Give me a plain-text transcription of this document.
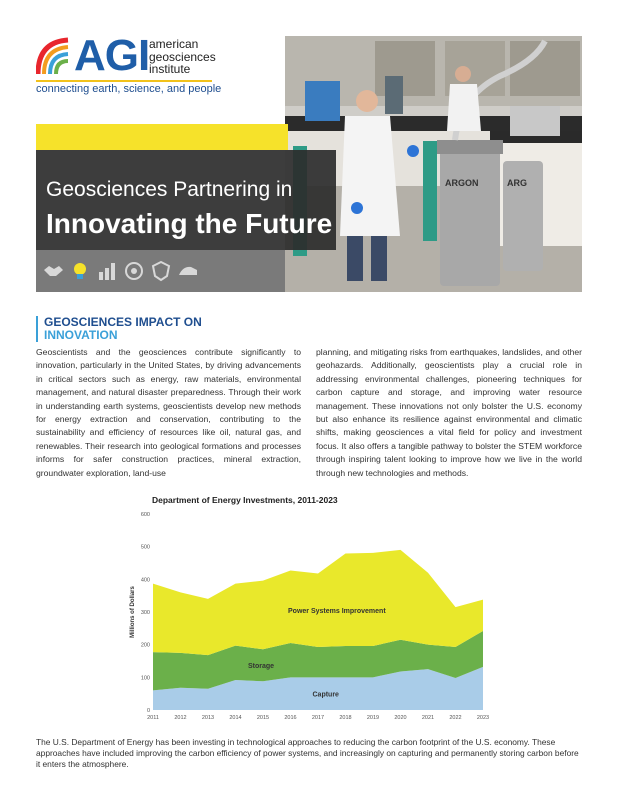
AGI american
geosciences
institute
connecting earth, science, and people
ARGON	ARG
Geosciences Partnering in
Innovating the Future
GEOSCIENCES IMPACT ON
INNOVATION
Geoscientists and the geosciences contribute significantly to innovation, particularly in the United States, by driving advancements in critical sectors such as energy, raw materials, environmental management, and natural disaster preparedness. Through their work in understanding earth systems, geoscientists develop new methods for energy extraction and conservation, contributing to the sustainability and efficiency of resources like oil, natural gas, and renewables. Their research into geological formations and processes informs for safer construction practices, mineral extraction, groundwater exploration, land-use
planning, and mitigating risks from earthquakes, landslides, and other geohazards. Additionally, geoscientists play a crucial role in addressing environmental challenges, pioneering techniques for carbon capture and storage, and improving water resource management. These innovations not only bolster the U.S. economy but also enhance its resilience against environmental and climatic shifts, making geosciences a vital field for policy and investment focus. It also offers a tangible pathway to bolster the STEM workforce through inspiring talent looking to improve how we live in the world through new technologies and methods.
Department of Energy Investments, 2011-2023
Capture
Storage
Power Systems Improvement
0
100
200
300
400
500
600
2011	2012	2013	2014	2015	2016	2017	2018	2019	2020	2021	2022	2023
Millions of Dollars
The U.S. Department of Energy has been investing in technological approaches to reducing the carbon footprint of the U.S. economy. These approaches have included improving the carbon efficiency of power systems, and increasingly on capturing and permanently storing carbon before it enters the atmosphere.
